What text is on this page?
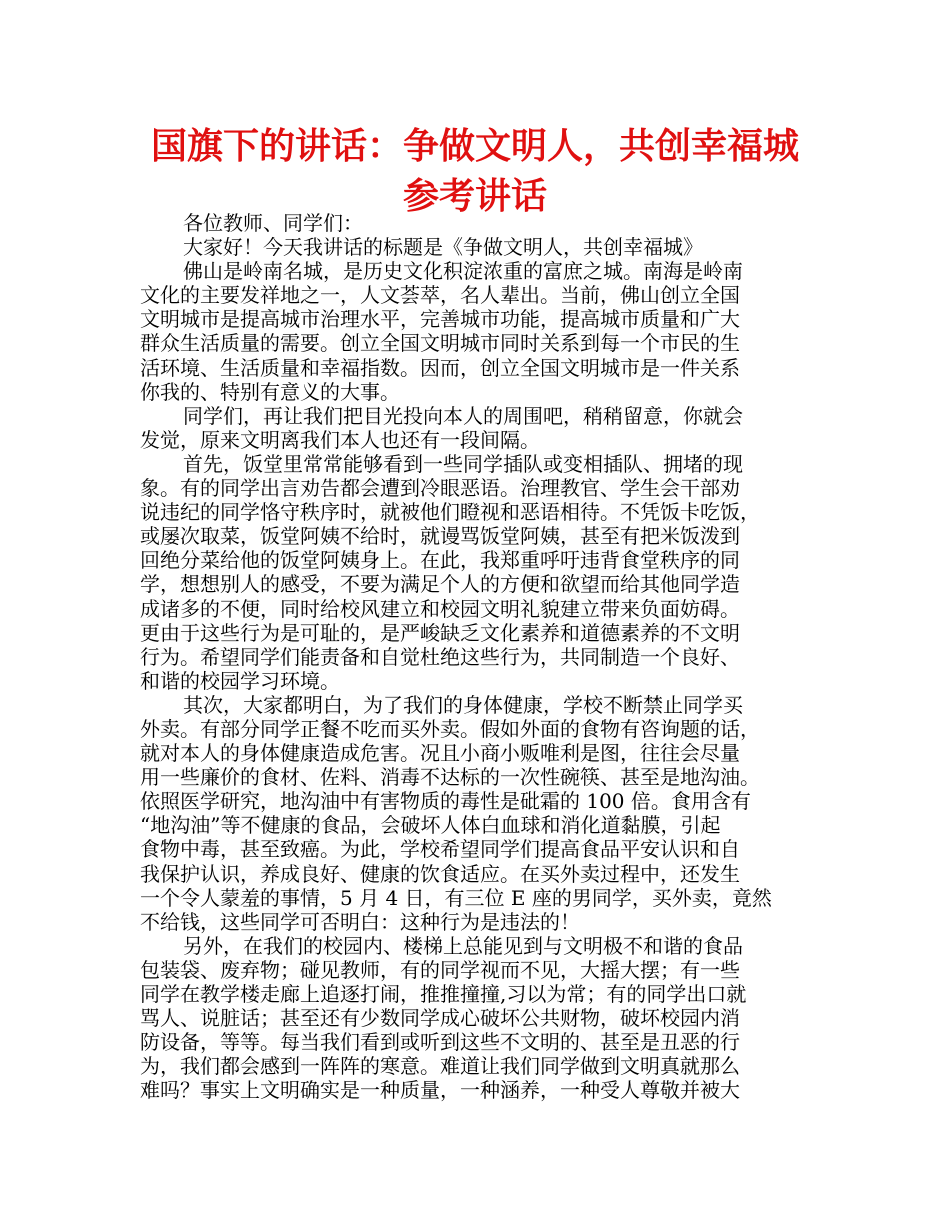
国旗下的讲话：争做文明人，共创幸福城
参考讲话
各位教师、同学们：
大家好！今天我讲话的标题是《争做文明人，共创幸福城》
佛山是岭南名城，是历史文化积淀浓重的富庶之城。南海是岭南
文化的主要发祥地之一，人文荟萃，名人辈出。当前，佛山创立全国
文明城市是提高城市治理水平，完善城市功能，提高城市质量和广大
群众生活质量的需要。创立全国文明城市同时关系到每一个市民的生
活环境、生活质量和幸福指数。因而，创立全国文明城市是一件关系
你我的、特别有意义的大事。
同学们，再让我们把目光投向本人的周围吧，稍稍留意，你就会
发觉，原来文明离我们本人也还有一段间隔。
首先，饭堂里常常能够看到一些同学插队或变相插队、拥堵的现
象。有的同学出言劝告都会遭到冷眼恶语。治理教官、学生会干部劝
说违纪的同学恪守秩序时，就被他们瞪视和恶语相待。不凭饭卡吃饭，
或屡次取菜，饭堂阿姨不给时，就谩骂饭堂阿姨，甚至有把米饭泼到
回绝分菜给他的饭堂阿姨身上。在此，我郑重呼吁违背食堂秩序的同
学，想想别人的感受，不要为满足个人的方便和欲望而给其他同学造
成诸多的不便，同时给校风建立和校园文明礼貌建立带来负面妨碍。
更由于这些行为是可耻的，是严峻缺乏文化素养和道德素养的不文明
行为。希望同学们能责备和自觉杜绝这些行为，共同制造一个良好、
和谐的校园学习环境。
其次，大家都明白，为了我们的身体健康，学校不断禁止同学买
外卖。有部分同学正餐不吃而买外卖。假如外面的食物有咨询题的话，
就对本人的身体健康造成危害。况且小商小贩唯利是图，往往会尽量
用一些廉价的食材、佐料、消毒不达标的一次性碗筷、甚至是地沟油。
依照医学研究，地沟油中有害物质的毒性是砒霜的 100 倍。食用含有
“地沟油”等不健康的食品，会破坏人体白血球和消化道黏膜，引起
食物中毒，甚至致癌。为此，学校希望同学们提高食品平安认识和自
我保护认识，养成良好、健康的饮食适应。在买外卖过程中，还发生
一个令人蒙羞的事情，5 月 4 日，有三位 E 座的男同学，买外卖，竟然
不给钱，这些同学可否明白：这种行为是违法的！
另外，在我们的校园内、楼梯上总能见到与文明极不和谐的食品
包装袋、废弃物；碰见教师，有的同学视而不见，大摇大摆；有一些
同学在教学楼走廊上追逐打闹，推推撞撞,习以为常；有的同学出口就
骂人、说脏话；甚至还有少数同学成心破坏公共财物，破坏校园内消
防设备，等等。每当我们看到或听到这些不文明的、甚至是丑恶的行
为，我们都会感到一阵阵的寒意。难道让我们同学做到文明真就那么
难吗？事实上文明确实是一种质量，一种涵养，一种受人尊敬并被大
